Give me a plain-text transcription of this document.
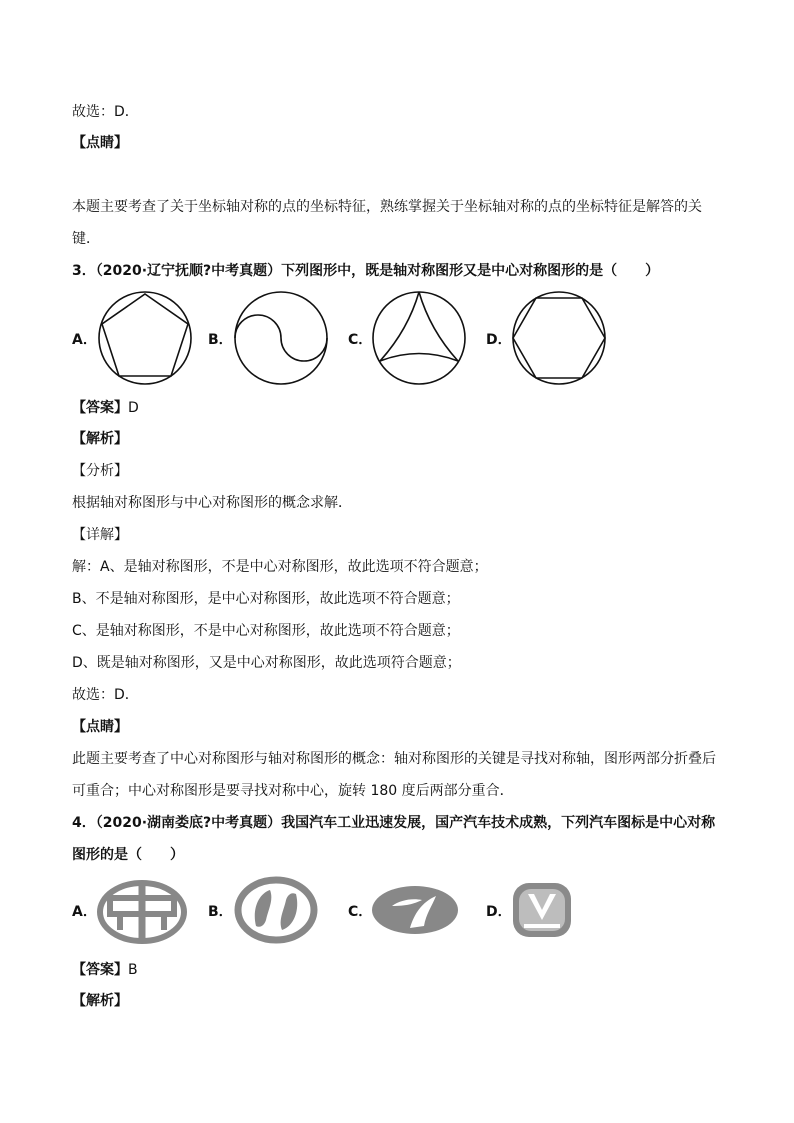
故选：D．
【点睛】
本题主要考查了关于坐标轴对称的点的坐标特征，熟练掌握关于坐标轴对称的点的坐标特征是解答的关
键．
3．（2020·辽宁抚顺?中考真题）下列图形中，既是轴对称图形又是中心对称图形的是（　　）
A．	B．	C．	D．
【答案】D
【解析】
【分析】
根据轴对称图形与中心对称图形的概念求解．
【详解】
解：A、是轴对称图形，不是中心对称图形，故此选项不符合题意；
B、不是轴对称图形，是中心对称图形，故此选项不符合题意；
C、是轴对称图形，不是中心对称图形，故此选项不符合题意；
D、既是轴对称图形，又是中心对称图形，故此选项符合题意；
故选：D．
【点睛】
此题主要考查了中心对称图形与轴对称图形的概念：轴对称图形的关键是寻找对称轴，图形两部分折叠后
可重合；中心对称图形是要寻找对称中心，旋转 180 度后两部分重合．
4．（2020·湖南娄底?中考真题）我国汽车工业迅速发展，国产汽车技术成熟，下列汽车图标是中心对称图形的是（　　）
A．	B．	C．	D．
【答案】B
【解析】
